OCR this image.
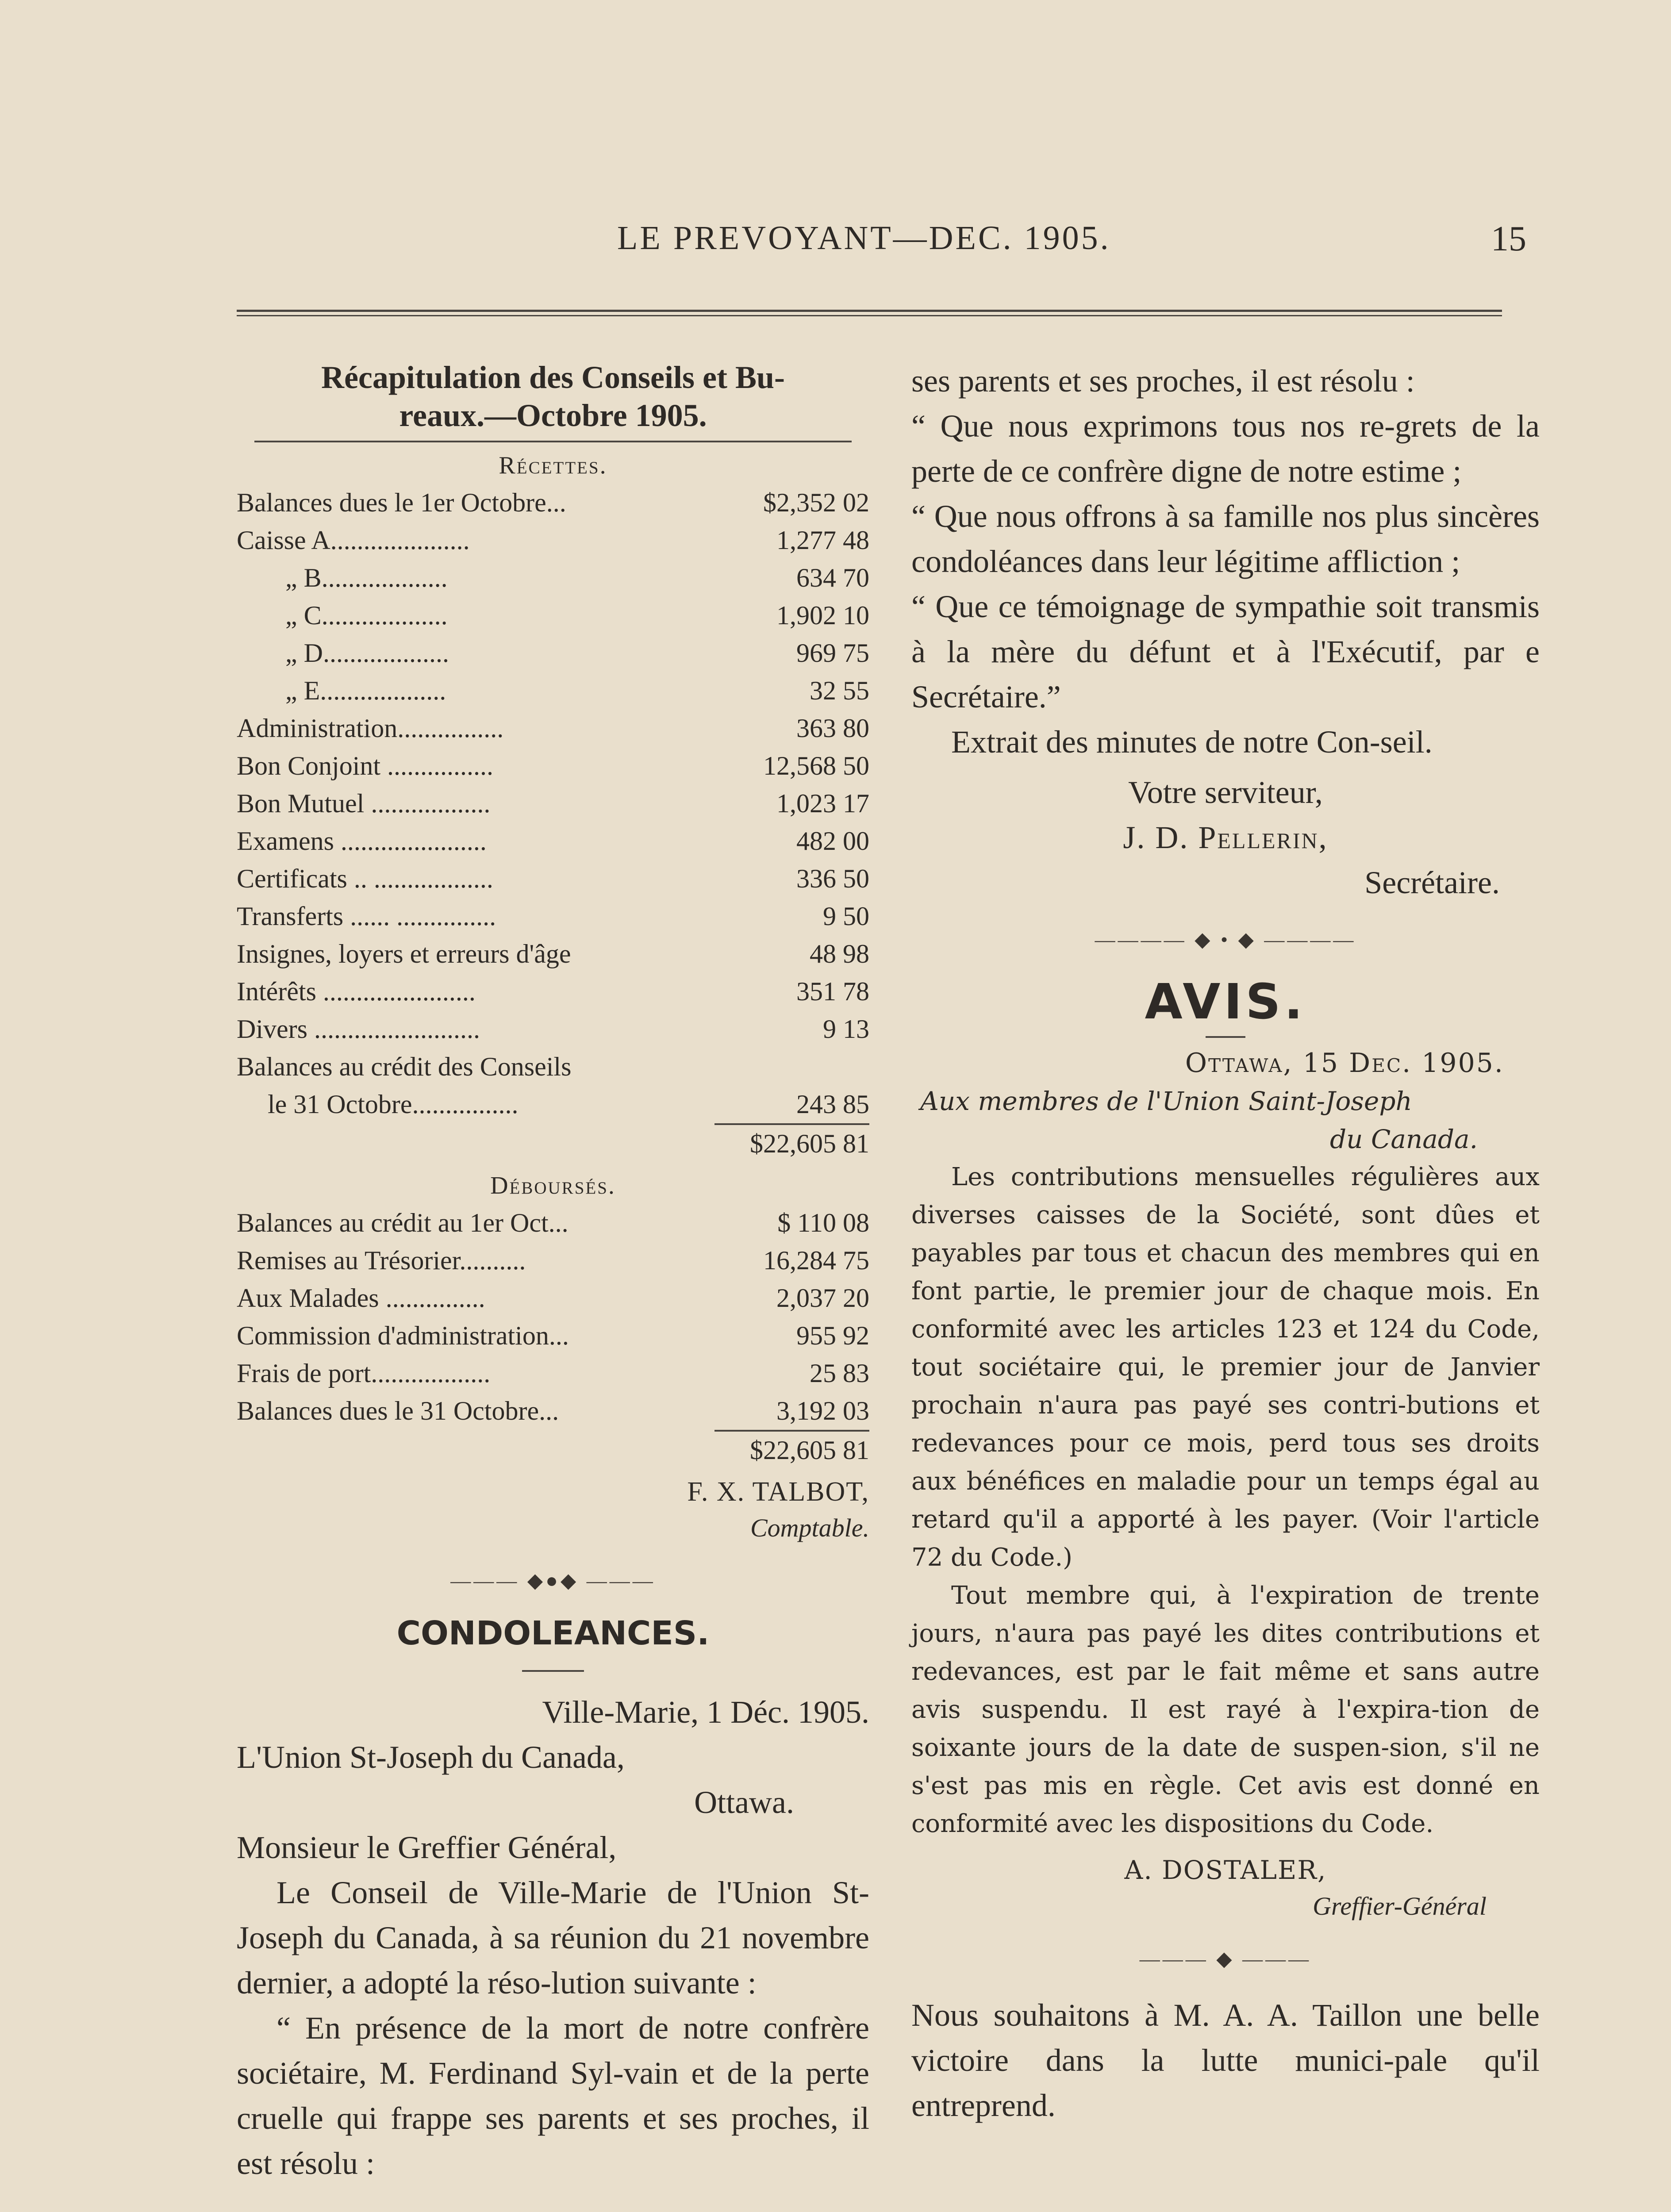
LE PREVOYANT—DEC. 1905.	15
Récapitulation des Conseils et Bu-
reaux.—Octobre 1905.
Récettes.
Balances dues le 1er Octobre...	$2,352 02
Caisse A.....................	1,277 48
„ B...................	634 70
„ C...................	1,902 10
„ D...................	969 75
„ E...................	32 55
Administration................	363 80
Bon Conjoint ................	12,568 50
Bon Mutuel ..................	1,023 17
Examens ......................	482 00
Certificats .. ..................	336 50
Transferts ...... ...............	9 50
Insignes, loyers et erreurs d'âge	48 98
Intérêts .......................	351 78
Divers .........................	9 13
Balances au crédit des Conseils
le 31 Octobre................	243 85
$22,605 81
Déboursés.
Balances au crédit au 1er Oct...	$ 110 08
Remises au Trésorier..........	16,284 75
Aux Malades ...............	2,037 20
Commission d'administration...	955 92
Frais de port..................	25 83
Balances dues le 31 Octobre...	3,192 03
$22,605 81
F. X. TALBOT,
Comptable.
——— ◆●◆ ———
CONDOLEANCES.

Ville-Marie, 1 Déc. 1905.

L'Union St-Joseph du Canada,

Ottawa.

Monsieur le Greffier Général,

Le Conseil de Ville-Marie de l'Union St-Joseph du Canada, à sa réunion du 21 novembre dernier, a adopté la réso-lution suivante :

“ En présence de la mort de notre confrère sociétaire, M. Ferdinand Syl-vain et de la perte cruelle qui frappe ses parents et ses proches, il est résolu :

ses parents et ses proches, il est résolu :

“ Que nous exprimons tous nos re-grets de la perte de ce confrère digne de notre estime ;

“ Que nous offrons à sa famille nos plus sincères condoléances dans leur légitime affliction ;

“ Que ce témoignage de sympathie soit transmis à la mère du défunt et à l'Exécutif, par e Secrétaire.”

Extrait des minutes de notre Con-seil.

Votre serviteur,

J. D. Pellerin,

Secrétaire.

———— ◆ • ◆ ————
AVIS.

Ottawa, 15 Dec. 1905.

Aux membres de l'Union Saint-Joseph

du Canada.

Les contributions mensuelles régulières aux diverses caisses de la Société, sont dûes et payables par tous et chacun des membres qui en font partie, le premier jour de chaque mois. En conformité avec les articles 123 et 124 du Code, tout sociétaire qui, le premier jour de Janvier prochain n'aura pas payé ses contri-butions et redevances pour ce mois, perd tous ses droits aux bénéfices en maladie pour un temps égal au retard qu'il a apporté à les payer. (Voir l'article 72 du Code.)

Tout membre qui, à l'expiration de trente jours, n'aura pas payé les dites contributions et redevances, est par le fait même et sans autre avis suspendu. Il est rayé à l'expira-tion de soixante jours de la date de suspen-sion, s'il ne s'est pas mis en règle. Cet avis est donné en conformité avec les dispositions du Code.

A. DOSTALER,
Greffier-Général
——— ◆ ———
Nous souhaitons à M. A. A. Taillon une belle victoire dans la lutte munici-pale qu'il entreprend.
